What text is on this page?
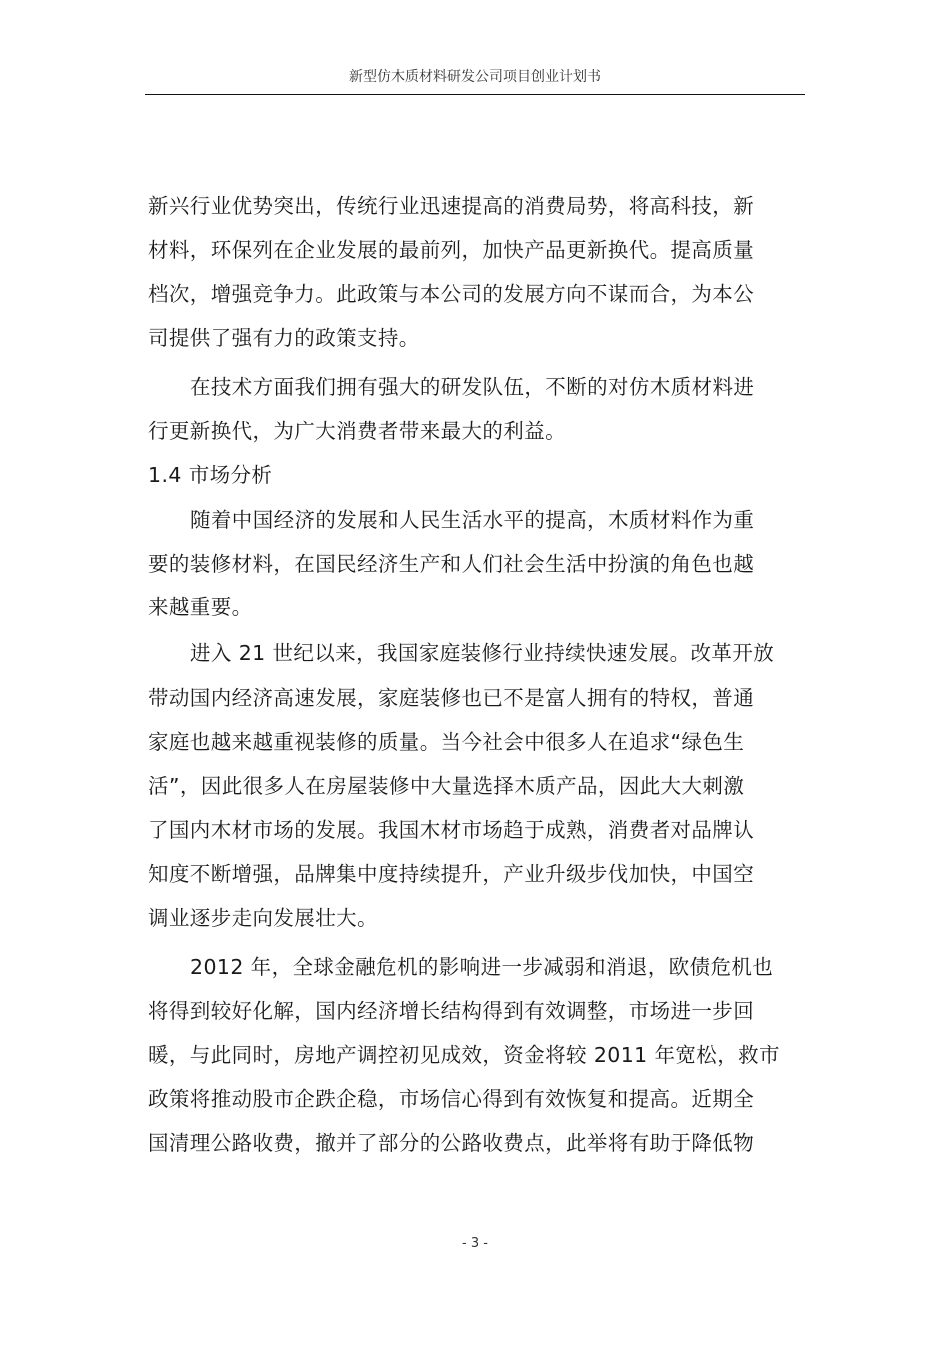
新型仿木质材料研发公司项目创业计划书
新兴行业优势突出，传统行业迅速提高的消费局势，将高科技，新
材料，环保列在企业发展的最前列，加快产品更新换代。提高质量
档次，增强竞争力。此政策与本公司的发展方向不谋而合，为本公
司提供了强有力的政策支持。
在技术方面我们拥有强大的研发队伍，不断的对仿木质材料进
行更新换代，为广大消费者带来最大的利益。
1.4 市场分析
随着中国经济的发展和人民生活水平的提高，木质材料作为重
要的装修材料，在国民经济生产和人们社会生活中扮演的角色也越
来越重要。
进入 21 世纪以来，我国家庭装修行业持续快速发展。改革开放
带动国内经济高速发展，家庭装修也已不是富人拥有的特权，普通
家庭也越来越重视装修的质量。当今社会中很多人在追求“绿色生
活”，因此很多人在房屋装修中大量选择木质产品，因此大大刺激
了国内木材市场的发展。我国木材市场趋于成熟，消费者对品牌认
知度不断增强，品牌集中度持续提升，产业升级步伐加快，中国空
调业逐步走向发展壮大。
2012 年，全球金融危机的影响进一步减弱和消退，欧债危机也
将得到较好化解，国内经济增长结构得到有效调整，市场进一步回
暖，与此同时，房地产调控初见成效，资金将较 2011 年宽松，救市
政策将推动股市企跌企稳，市场信心得到有效恢复和提高。近期全
国清理公路收费，撤并了部分的公路收费点，此举将有助于降低物
- 3 -
